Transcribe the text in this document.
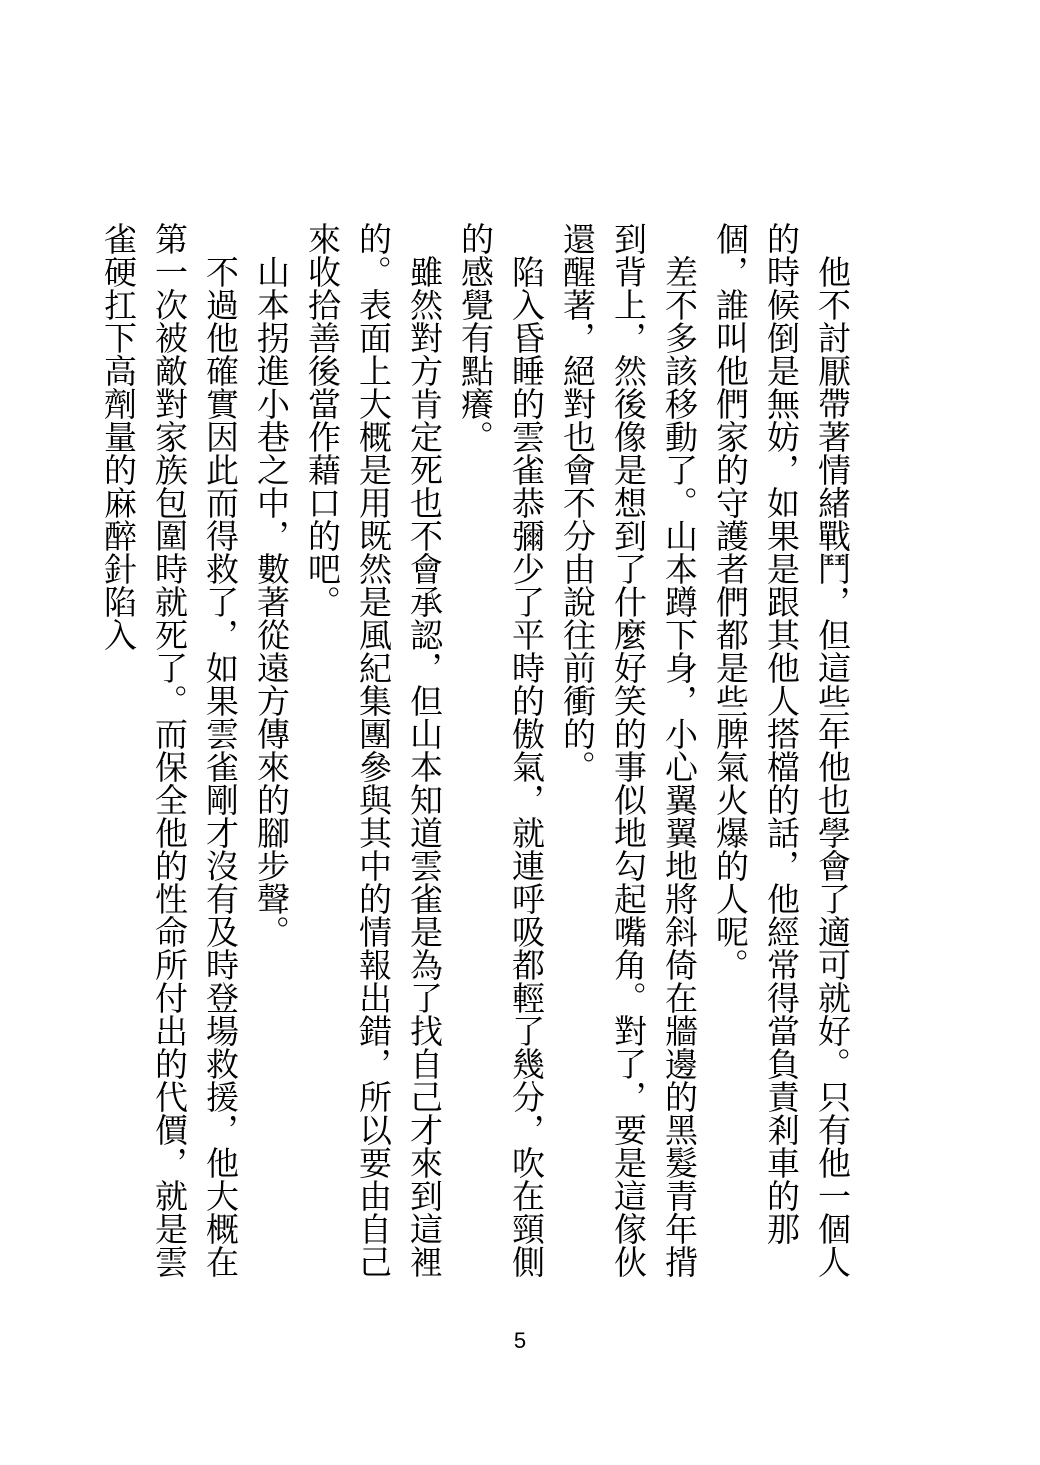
他不討厭帶著情緒戰鬥，但這些年他也學會了適可就好。只有他一個人的時候倒是無妨，如果是跟其他人搭檔的話，他經常得當負責剎車的那個，誰叫他們家的守護者們都是些脾氣火爆的人呢。

差不多該移動了。山本蹲下身，小心翼翼地將斜倚在牆邊的黑髮青年揹到背上，然後像是想到了什麼好笑的事似地勾起嘴角。對了，要是這傢伙還醒著，絕對也會不分由說往前衝的。

陷入昏睡的雲雀恭彌少了平時的傲氣，就連呼吸都輕了幾分，吹在頸側的感覺有點癢。

雖然對方肯定死也不會承認，但山本知道雲雀是為了找自己才來到這裡的。表面上大概是用既然是風紀集團參與其中的情報出錯，所以要由自己來收拾善後當作藉口的吧。

山本拐進小巷之中，數著從遠方傳來的腳步聲。

不過他確實因此而得救了，如果雲雀剛才沒有及時登場救援，他大概在第一次被敵對家族包圍時就死了。而保全他的性命所付出的代價，就是雲雀硬扛下高劑量的麻醉針陷入

5
